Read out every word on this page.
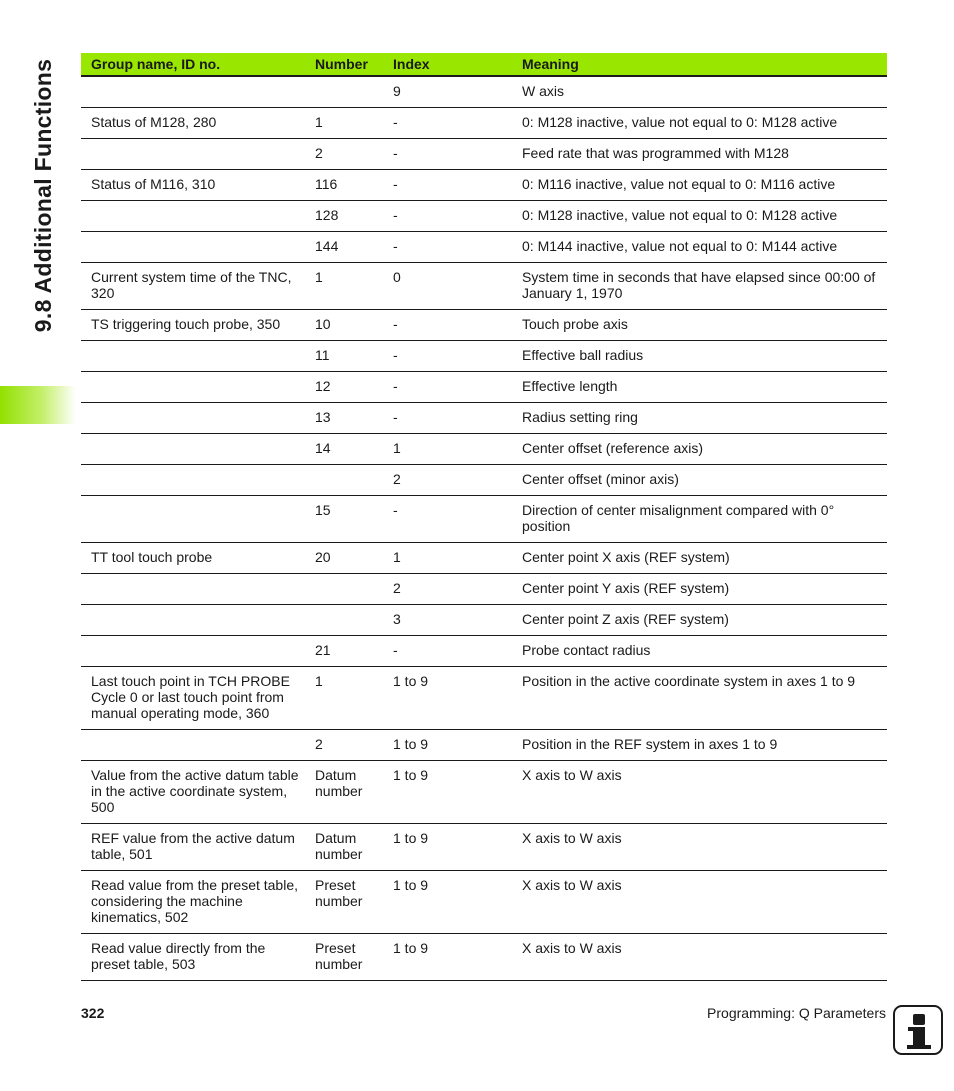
9.8 Additional Functions Group name, ID no.	Number	Index	Meaning
		9	W axis
Status of M128, 280	1	-	0: M128 inactive, value not equal to 0: M128 active
	2	-	Feed rate that was programmed with M128
Status of M116, 310	116	-	0: M116 inactive, value not equal to 0: M116 active
	128	-	0: M128 inactive, value not equal to 0: M128 active
	144	-	0: M144 inactive, value not equal to 0: M144 active
Current system time of the TNC, 320	1	0	System time in seconds that have elapsed since 00:00 of January 1, 1970
TS triggering touch probe, 350	10	-	Touch probe axis
	11	-	Effective ball radius
	12	-	Effective length
	13	-	Radius setting ring
	14	1	Center offset (reference axis)
		2	Center offset (minor axis)
	15	-	Direction of center misalignment compared with 0° position
TT tool touch probe	20	1	Center point X axis (REF system)
		2	Center point Y axis (REF system)
		3	Center point Z axis (REF system)
	21	-	Probe contact radius
Last touch point in TCH PROBE Cycle 0 or last touch point from manual operating mode, 360	1	1 to 9	Position in the active coordinate system in axes 1 to 9
	2	1 to 9	Position in the REF system in axes 1 to 9
Value from the active datum table in the active coordinate system, 500	Datum number	1 to 9	X axis to W axis
REF value from the active datum table, 501	Datum number	1 to 9	X axis to W axis
Read value from the preset table, considering the machine kinematics, 502	Preset number	1 to 9	X axis to W axis
Read value directly from the preset table, 503	Preset number	1 to 9	X axis to W axis
322	Programming: Q Parameters
